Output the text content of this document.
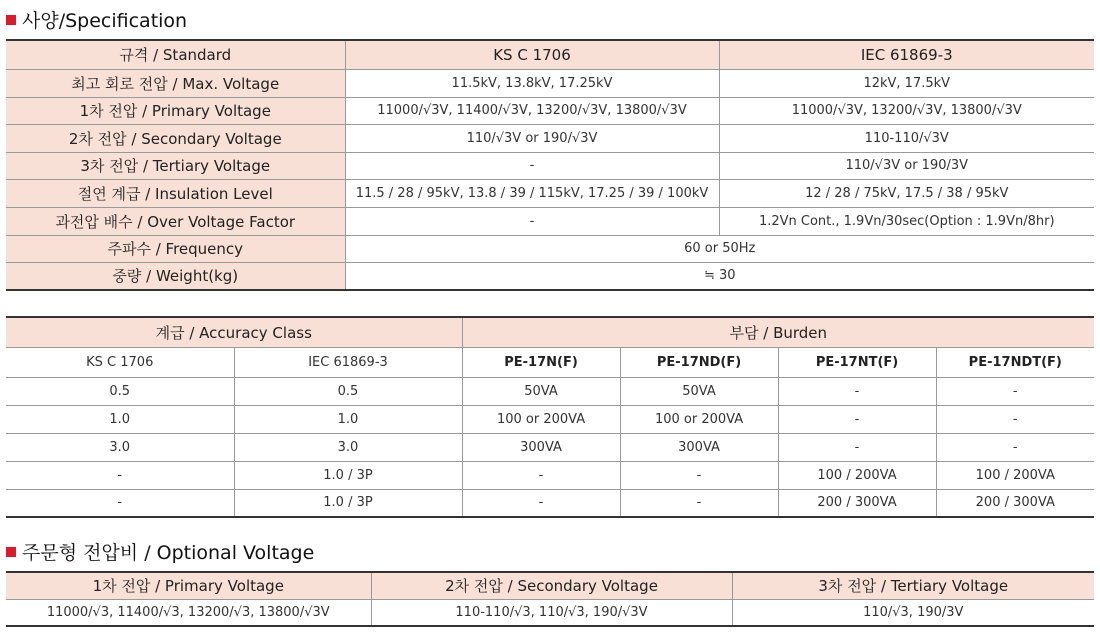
사양/Specification
규격 / Standard	KS C 1706	IEC 61869-3
최고 회로 전압 / Max. Voltage	11.5kV, 13.8kV, 17.25kV	12kV, 17.5kV
1차 전압 / Primary Voltage	11000/√3V, 11400/√3V, 13200/√3V, 13800/√3V	11000/√3V, 13200/√3V, 13800/√3V
2차 전압 / Secondary Voltage	110/√3V or 190/√3V	110-110/√3V
3차 전압 / Tertiary Voltage	-	110/√3V or 190/3V
절연 계급 / Insulation Level	11.5 / 28 / 95kV, 13.8 / 39 / 115kV, 17.25 / 39 / 100kV	12 / 28 / 75kV, 17.5 / 38 / 95kV
과전압 배수 / Over Voltage Factor	-	1.2Vn Cont., 1.9Vn/30sec(Option : 1.9Vn/8hr)
주파수 / Frequency	60 or 50Hz	
중량 / Weight(kg)	≒ 30	
계급 / Accuracy Class		부담 / Burden			
KS C 1706	IEC 61869-3	PE-17N(F)	PE-17ND(F)	PE-17NT(F)	PE-17NDT(F)
0.5	0.5	50VA	50VA	-	-
1.0	1.0	100 or 200VA	100 or 200VA	-	-
3.0	3.0	300VA	300VA	-	-
-	1.0 / 3P	-	-	100 / 200VA	100 / 200VA
-	1.0 / 3P	-	-	200 / 300VA	200 / 300VA
주문형 전압비 / Optional Voltage
1차 전압 / Primary Voltage	2차 전압 / Secondary Voltage	3차 전압 / Tertiary Voltage
11000/√3, 11400/√3, 13200/√3, 13800/√3V	110-110/√3, 110/√3, 190/√3V	110/√3, 190/3V
